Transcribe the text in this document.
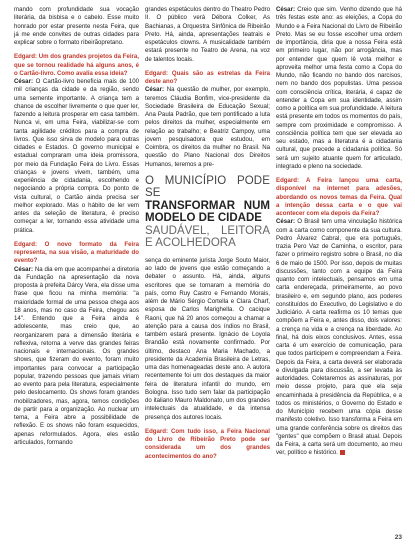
mando com profundidade sua vocação literária, da bisbisa e o cabelo. Esse muito honrado por estar presente nesta Feira, que já me ende convites de outras cidades para explicar sobre o formato ribeirãopretano.

Edgard: Um dos grandes projetos da Feira, que se tornou realidade há alguns anos, é o Cartão-livro. Como avalia essa ideia?

César: O Cartão-livro beneficia mais de 100 mil crianças da cidade e da região, sendo uma semente importante. A criança tem a chance de escolher livremente o que quer ler, fazendo a leitura prosperar em casa também. Nunca vi, em uma Feira, viabilizar-se com tanta agilidade créditos para a compra de livros. Que isso sirva de modelo para outras cidades e Estados. O governo municipal e estadual compraram uma ideia promissora, por meio da Fundação Feira do Livro. Essas crianças e jovens vivem, também, uma experiência de cidadania, escolhendo e negociando a própria compra. Do ponto de vista cultural, o Cartão ainda precisa ser melhor explorado. Mas o hábito de ler vem antes da seleção de literatura, é preciso começar a ler, tornando essa atividade uma prática.

Edgard: O novo formato da Feira representa, na sua visão, a maturidade do evento?

César: Na dia em que acompanhei a diretoria da Fundação na apresentação da nova proposta à prefeita Dárcy Vera, ela disse uma frase que ficou na minha memória: "a maioridade formal de uma pessoa chega aos 18 anos, mas no caso da Feira, chegou aos 14". Entendo que a Feira ainda é adolescente, mas creio que, ao reorganizarem para a dimensão literária e reflexiva, retorna a verve das grandes feiras nacionais e internacionais. Os grandes shows, que fizeram do evento, foram muito importantes para convocar a participação popular, trazendo pessoas que jamais viriam ao evento para pela literatura, especialmente pelo deslocamento. Os shows foram grandes mobilizadores, mas, agora, temos condições de partir para a organização. Ao nuclear um tema, a Feira abre a possibilidade de reflexão. E os shows não foram esquecidos, apenas reformulados. Agora, eles estão articulados, formando

grandes espetáculos dentro do Theatro Pedro II. O público verá Débora Colker, As Bachianas, a Orquestra Sinfônica de Ribeirão Preto. Há, ainda, apresentações teatrais e espetáculos clowns. A musicalidade também estará presente no Teatro de Arena, na voz de talentos locais.

Edgard: Quais são as estrelas da Feira deste ano?

César: Na questão de mulher, por exemplo, teremos Cláudia Bonfim, vice-presidente da Sociedade Brasileira de Educação Sexual; Ana Paula Padrão, que tem pontificado a luta pelos direitos da mulher, especialmente em relação ao trabalho; e Beatriz Campoy, uma jovem pesquisadora que estudou, em Coimbra, os direitos da mulher no Brasil. Na questão do Plano Nacional dos Direitos Humanos, teremos a pre-

O MUNICÍPIO PODE SE
TRANSFORMAR NUM MODELO DE CIDADE
SAUDÁVEL, LEITORA E ACOLHEDORA

sença do eminente jurista Jorge Souto Maior, ao lado de jovens que estão começando a debater o assunto. Há, ainda, alguns escritores que se tornaram a memória do país, como Ruy Castro e Fernando Morais, além de Mário Sérgio Cortella e Clara Charf, esposa de Carlos Marighella. O cacique Raoni, que há 20 anos começou a chamar a atenção para a causa dos índios no Brasil, também estará presente. Ignácio de Loyola Brandão está novamente confirmado. Por último, destaco Ana Maria Machado, a presidente da Academia Brasileira de Letras, uma das homenageadas deste ano. A autora recentemente foi um dos destaques da maior feira de literatura infantil do mundo, em Bologna. Isso tudo sem falar da participação do italiano Mauro Maldonato, um dos grandes intelectuais da atualidade, e da intensa presença dos autores locais.

Edgard: Com tudo isso, a Feira Nacional do Livro de Ribeirão Preto pode ser considerada um dos grandes acontecimentos do ano?

César: Creio que sim. Venho dizendo que há três festas este ano: as eleições, a Copa do Mundo e a Feira Nacional do Livro de Ribeirão Preto. Mas se eu fosse escolher uma ordem de importância, diria que a nossa Feira está em primeiro lugar, não por arrogância, mas por entender que quem lê vota melhor e aproveita melhor uma festa como a Copa do Mundo, não ficando no bando dos narcisos, nem no bando dos populistas. Uma pessoa com consciência crítica, literária, é capaz de entender a Copa em sua identidade, assim como a política em sua profundidade. A leitura está presente em todos os momentos do país, sempre com proximidade e compromisso. A consciência política tem que ser elevada ao seu estado, mas a literatura é a cidadania cultural, que precede a cidadania política. Só será um sujeito atuante quem for articulado, integrado e pleno na sociedade.

Edgard: A Feira lançou uma carta, disponível na internet para adesões, abordando os novos temas da Feira. Qual a intenção dessa carta e o que vai acontecer com ela depois da Feira?

César: O Brasil tem uma vinculação histórica com a carta como componente da sua cultura. Pedro Álvarez Cabral, que era português, trazia Pero Vaz de Caminha, o escritor, para fazer o primeiro registro sobre o Brasil, no dia 6 de maio de 1500. Por isso, depois de muitas discussões, tanto com a equipe da Feira quanto com intelectuais, pensamos em uma carta endereçada, primeiramente, ao povo brasileiro e, em segundo plano, aos poderes constituídos do Executivo, do Legislativo e do Judiciário. A carta reafirma os 10 temas que compõem a Feira e, antes disso, dois valores: a crença na vida e a crença na liberdade. Ao final, há dois eixos conclusivos. Antes, essa carta é um exercício de comunicação, para que todos participem e compreendam a Feira. Depois da Feira, a carta deverá ser elaborada e divulgada para discussão, a ser levada às autoridades. Coletaremos as assinaturas, por meio desse projeto, para que ela seja encaminhada à presidência da República, e a todos os ministérios, o Governo do Estado e do Município recebem uma cópia desse manifesto coletivo. Isso transforma a Feira em uma grande conferência sobre os direitos das "gentes" que compõem o Brasil atual. Depois da Feira, a carta será um documento, ao meu ver, político e histórico.

23
